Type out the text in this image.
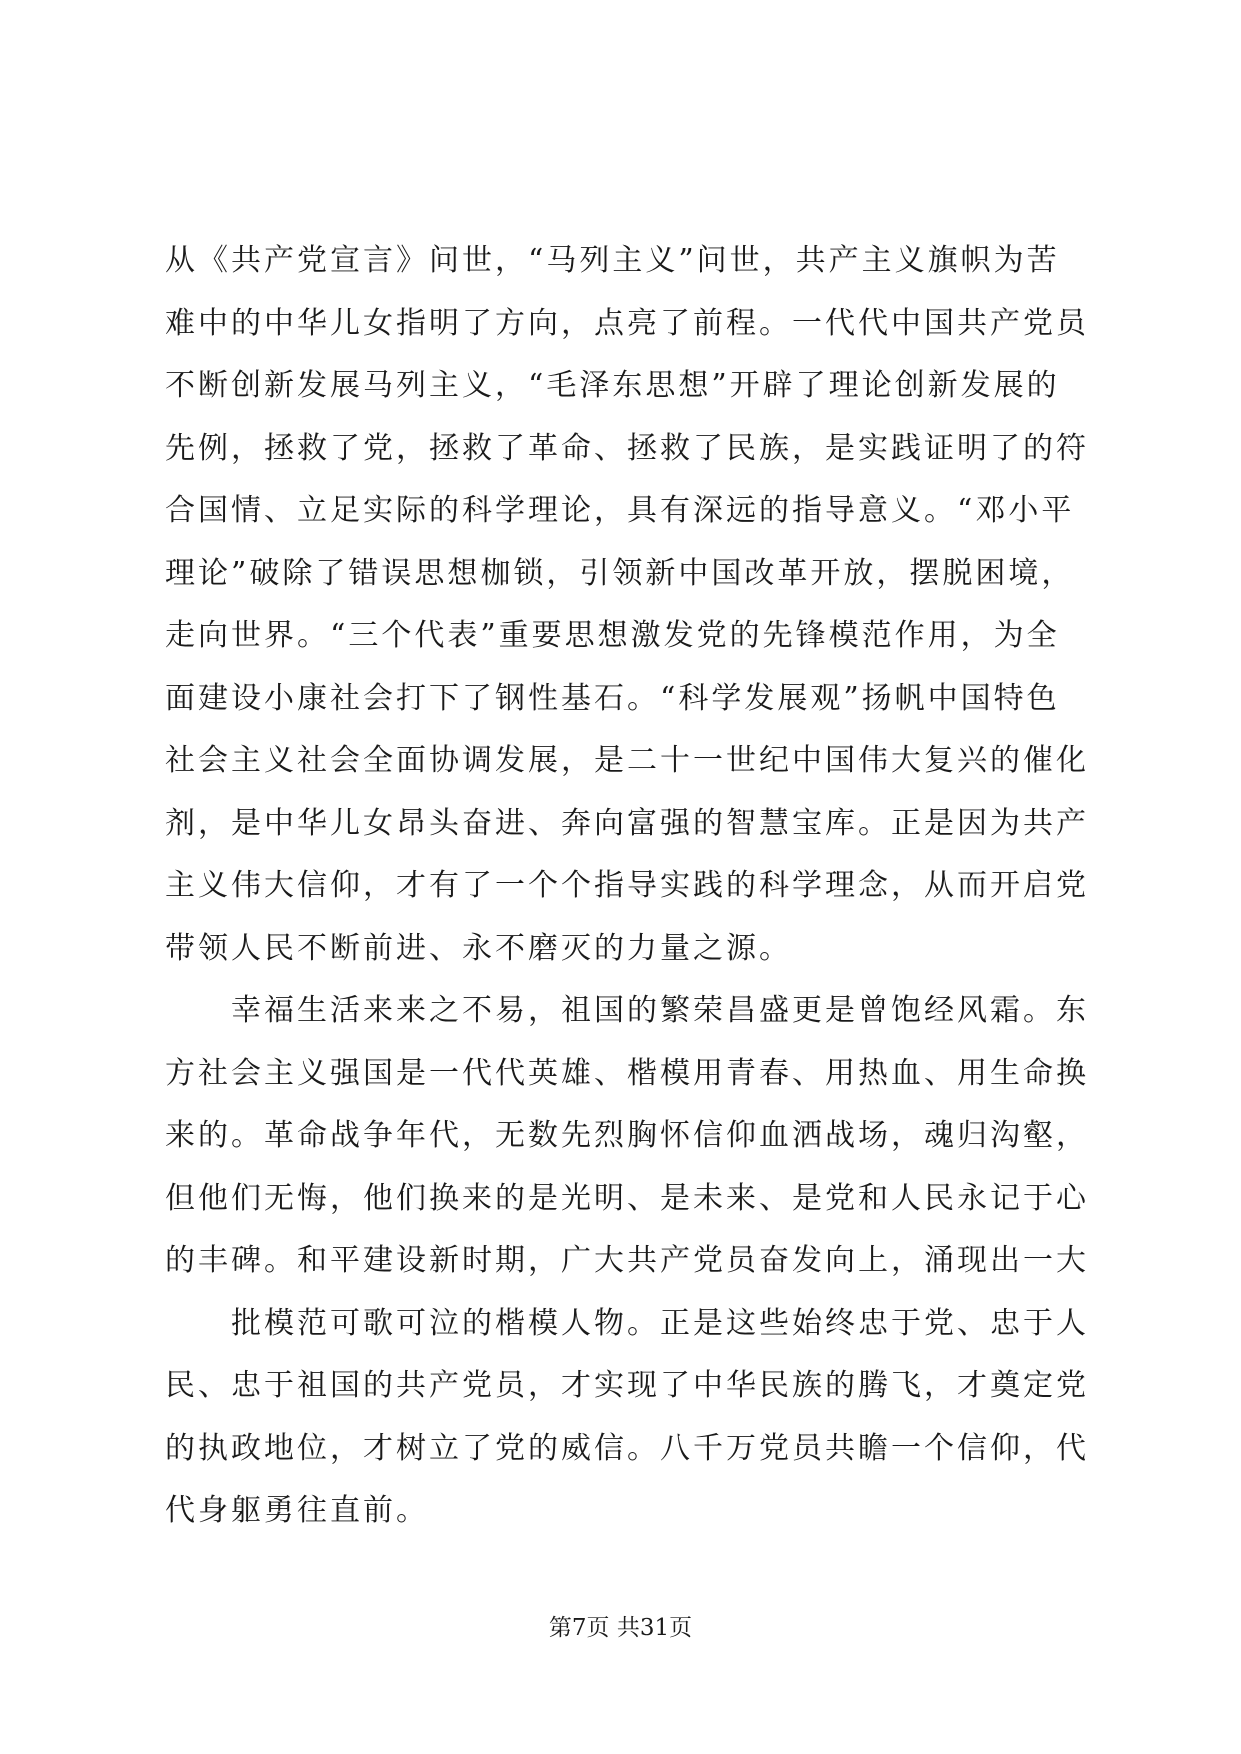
从《共产党宣言》问世，“马列主义”问世，共产主义旗帜为苦
难中的中华儿女指明了方向，点亮了前程。一代代中国共产党员
不断创新发展马列主义，“毛泽东思想”开辟了理论创新发展的
先例，拯救了党，拯救了革命、拯救了民族，是实践证明了的符
合国情、立足实际的科学理论，具有深远的指导意义。“邓小平
理论”破除了错误思想枷锁，引领新中国改革开放，摆脱困境，
走向世界。“三个代表”重要思想激发党的先锋模范作用，为全
面建设小康社会打下了钢性基石。“科学发展观”扬帆中国特色
社会主义社会全面协调发展，是二十一世纪中国伟大复兴的催化
剂，是中华儿女昂头奋进、奔向富强的智慧宝库。正是因为共产
主义伟大信仰，才有了一个个指导实践的科学理念，从而开启党
带领人民不断前进、永不磨灭的力量之源。
　　幸福生活来来之不易，祖国的繁荣昌盛更是曾饱经风霜。东
方社会主义强国是一代代英雄、楷模用青春、用热血、用生命换
来的。革命战争年代，无数先烈胸怀信仰血洒战场，魂归沟壑，
但他们无悔，他们换来的是光明、是未来、是党和人民永记于心
的丰碑。和平建设新时期，广大共产党员奋发向上，涌现出一大
　　批模范可歌可泣的楷模人物。正是这些始终忠于党、忠于人
民、忠于祖国的共产党员，才实现了中华民族的腾飞，才奠定党
的执政地位，才树立了党的威信。八千万党员共瞻一个信仰，代
代身躯勇往直前。
第7页 共31页
